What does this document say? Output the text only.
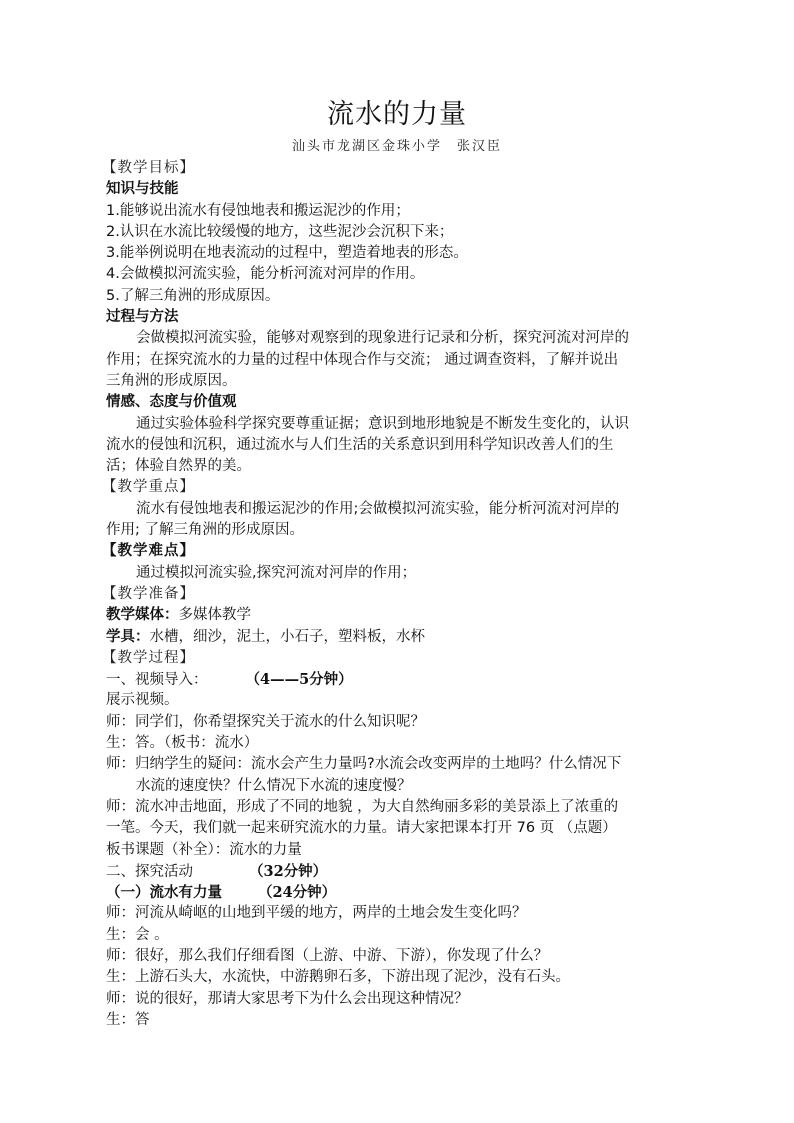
流水的力量
汕头市龙湖区金珠小学　张汉臣
【教学目标】
知识与技能
1.能够说出流水有侵蚀地表和搬运泥沙的作用；
2.认识在水流比较缓慢的地方，这些泥沙会沉积下来；
3.能举例说明在地表流动的过程中，塑造着地表的形态。
4.会做模拟河流实验，能分析河流对河岸的作用。
5.了解三角洲的形成原因。
过程与方法
会做模拟河流实验，能够对观察到的现象进行记录和分析，探究河流对河岸的
作用；在探究流水的力量的过程中体现合作与交流； 通过调查资料，了解并说出
三角洲的形成原因。
情感、态度与价值观
通过实验体验科学探究要尊重证据；意识到地形地貌是不断发生变化的，认识
流水的侵蚀和沉积，通过流水与人们生活的关系意识到用科学知识改善人们的生
活；体验自然界的美。
【教学重点】
流水有侵蚀地表和搬运泥沙的作用;会做模拟河流实验，能分析河流对河岸的
作用; 了解三角洲的形成原因。
【教学难点】
通过模拟河流实验,探究河流对河岸的作用；
【教学准备】
教学媒体：多媒体教学
学具：水槽，细沙，泥土，小石子，塑料板，水杯
【教学过程】
一、视频导入：	（4——5分钟）
展示视频。
师：同学们，你希望探究关于流水的什么知识呢？
生：答。（板书：流水）
师：归纳学生的疑问：流水会产生力量吗?水流会改变两岸的土地吗？什么情况下
水流的速度快？什么情况下水流的速度慢？
师：流水冲击地面，形成了不同的地貌 ，为大自然绚丽多彩的美景添上了浓重的
一笔。今天，我们就一起来研究流水的力量。请大家把课本打开 76 页 （点题）
板书课题（补全）：流水的力量
二、探究活动	（32分钟）
（一）流水有力量 （24分钟）
师：河流从崎岖的山地到平缓的地方，两岸的土地会发生变化吗？
生：会 。
师：很好，那么我们仔细看图（上游、中游、下游），你发现了什么？
生：上游石头大，水流快，中游鹅卵石多，下游出现了泥沙，没有石头。
师：说的很好，那请大家思考下为什么会出现这种情况？
生：答
